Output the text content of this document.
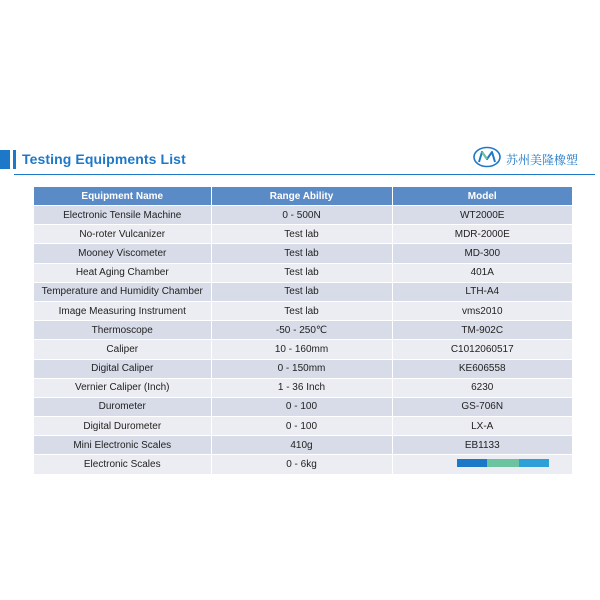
Testing Equipments List	苏州美隆橡塑
Equipment Name	Range Ability	Model
Electronic Tensile Machine	0 - 500N	WT2000E
No-roter Vulcanizer	Test lab	MDR-2000E
Mooney Viscometer	Test lab	MD-300
Heat Aging Chamber	Test lab	401A
Temperature and Humidity Chamber	Test lab	LTH-A4
Image Measuring Instrument	Test lab	vms2010
Thermoscope	-50 - 250℃	TM-902C
Caliper	10 - 160mm	C1012060517
Digital Caliper	0 - 150mm	KE606558
Vernier Caliper (Inch)	1 - 36 Inch	6230
Durometer	0 - 100	GS-706N
Digital Durometer	0 - 100	LX-A
Mini Electronic Scales	410g	EB1133
Electronic Scales	0 - 6kg	
